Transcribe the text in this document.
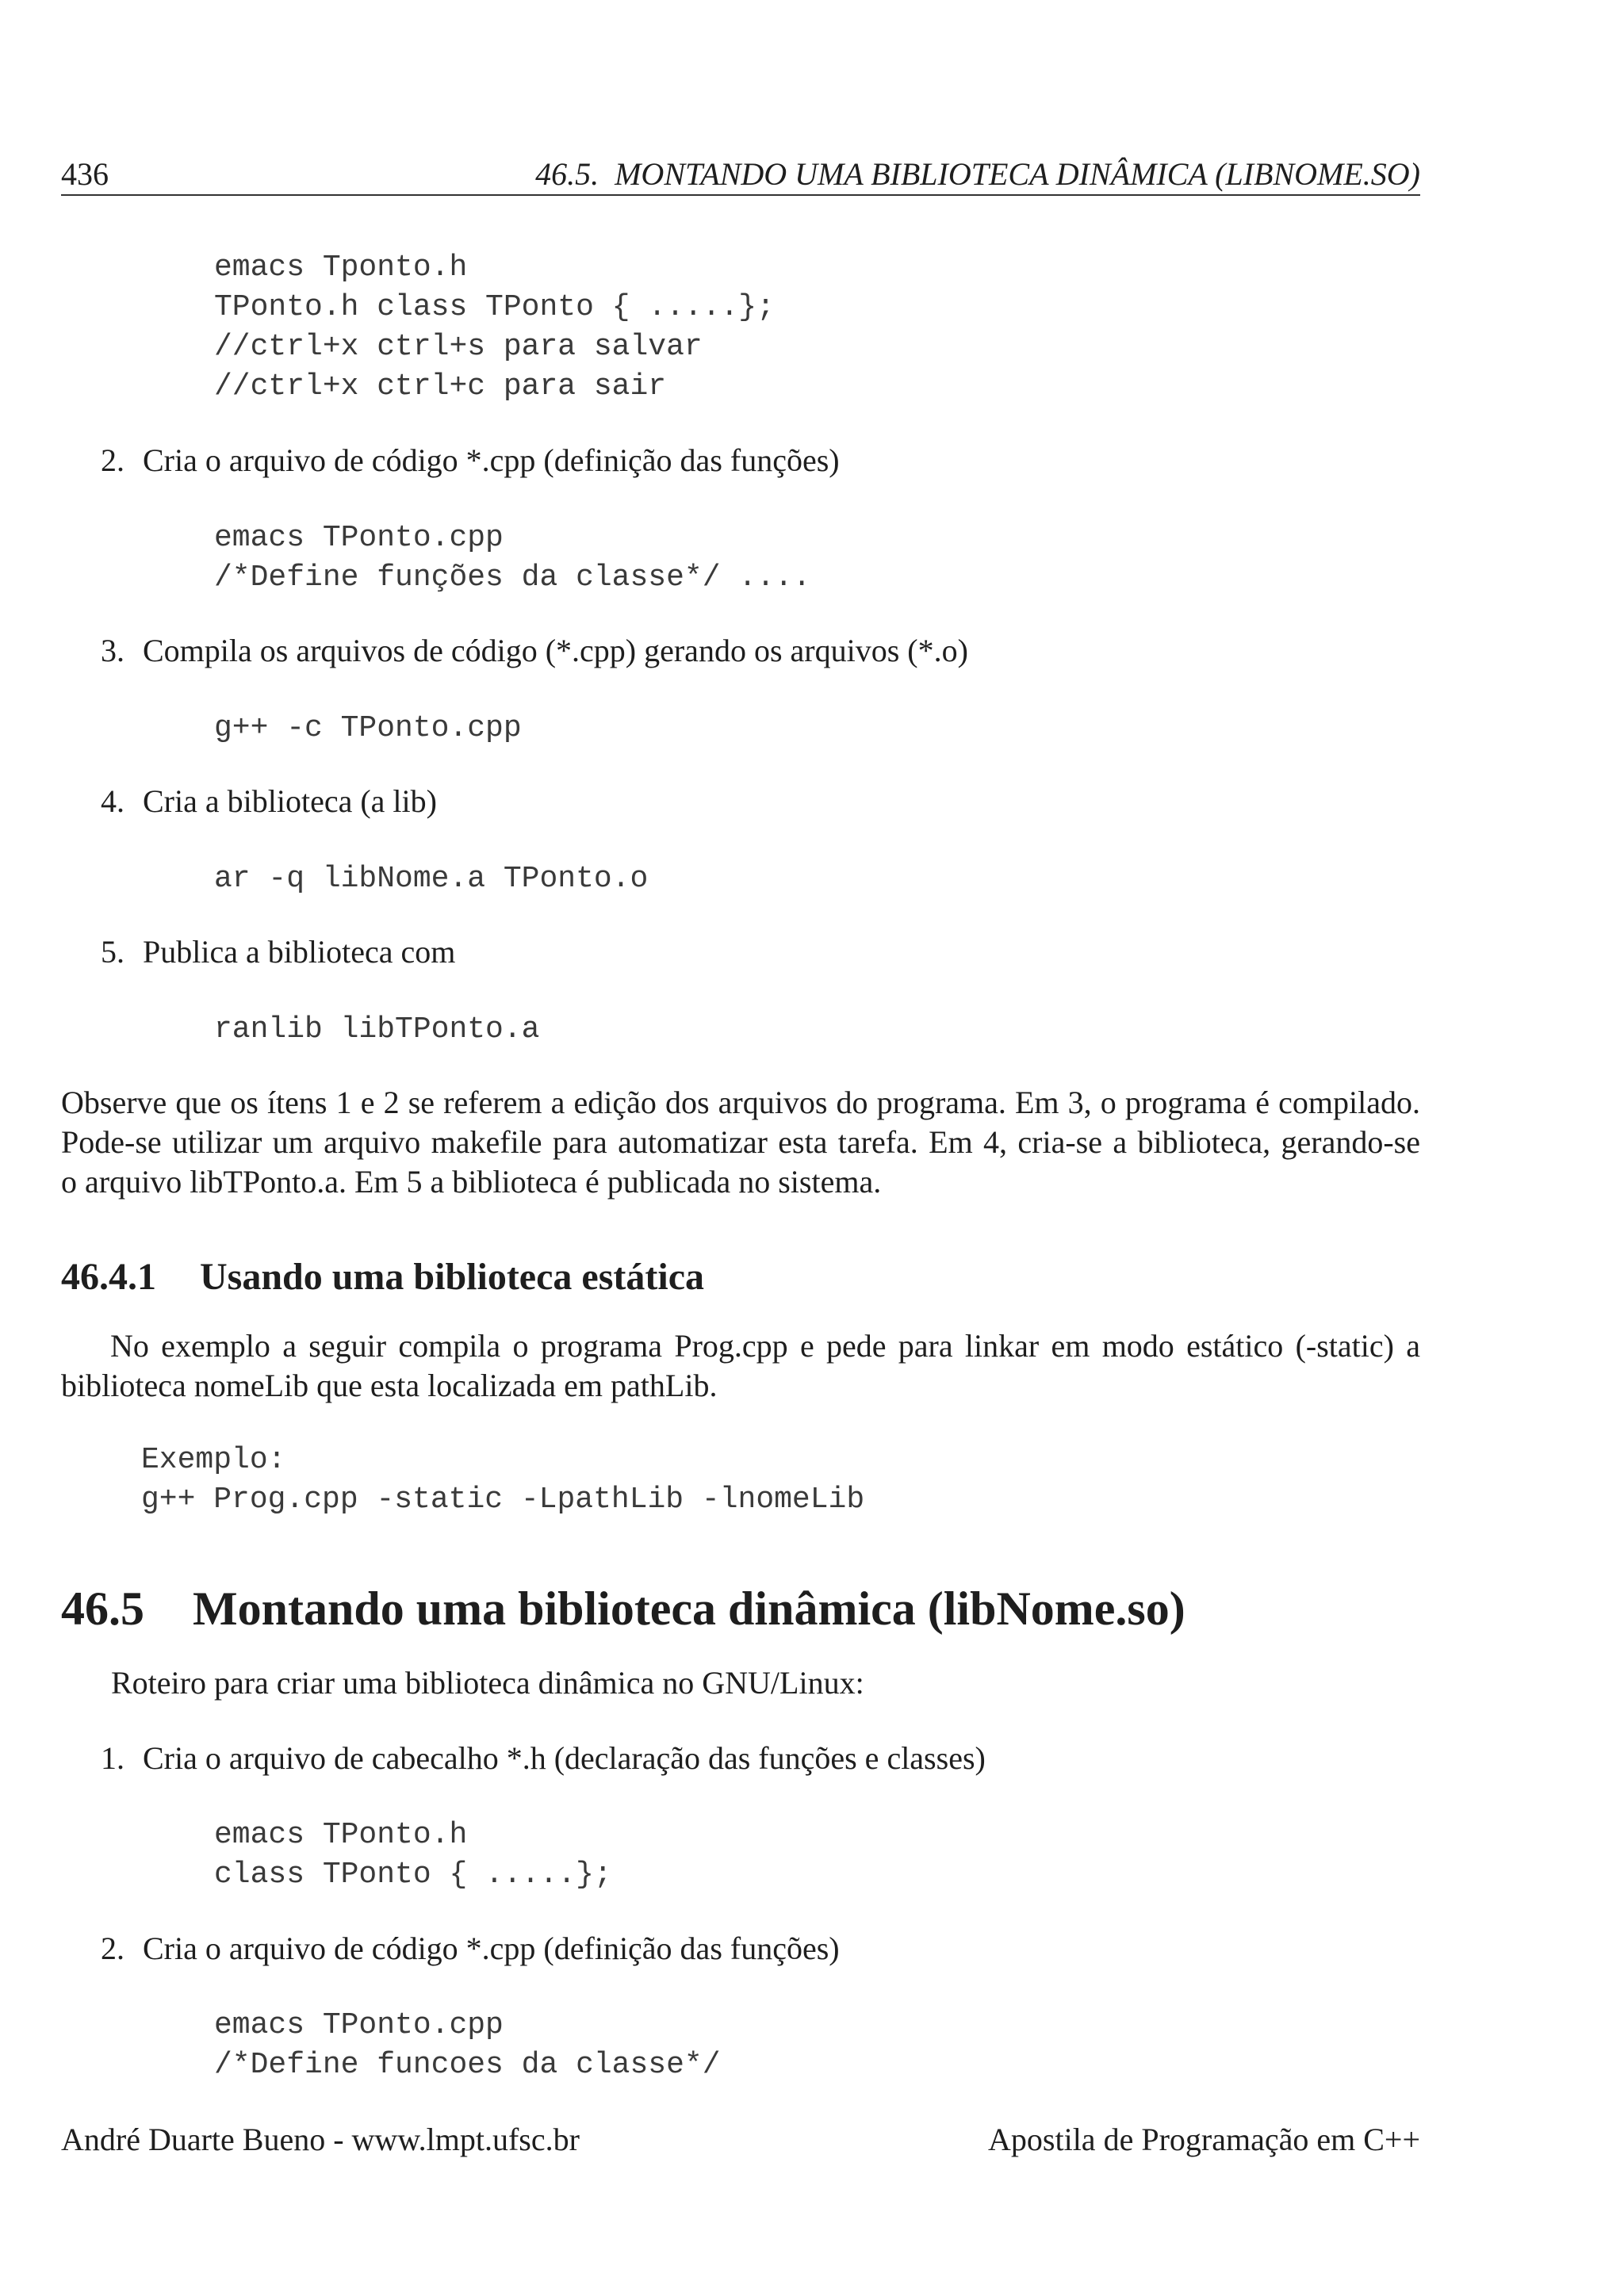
436	46.5.  MONTANDO UMA BIBLIOTECA DINÂMICA (LIBNOME.SO)
emacs Tponto.h
TPonto.h class TPonto { .....};
//ctrl+x ctrl+s para salvar
//ctrl+x ctrl+c para sair
2. Cria o arquivo de código *.cpp (definição das funções)
emacs TPonto.cpp
/*Define funções da classe*/ ....
3. Compila os arquivos de código (*.cpp) gerando os arquivos (*.o)
g++ -c TPonto.cpp
4. Cria a biblioteca (a lib)
ar -q libNome.a TPonto.o
5. Publica a biblioteca com
ranlib libTPonto.a
Observe que os ítens 1 e 2 se referem a edição dos arquivos do programa. Em 3, o programa é compilado.
Pode-se utilizar um arquivo makefile para automatizar esta tarefa. Em 4, cria-se a biblioteca, gerando-se
o arquivo libTPonto.a. Em 5 a biblioteca é publicada no sistema.
46.4.1 Usando uma biblioteca estática
No exemplo a seguir compila o programa Prog.cpp e pede para linkar em modo estático (-static) a
biblioteca nomeLib que esta localizada em pathLib.
Exemplo:
g++ Prog.cpp -static -LpathLib -lnomeLib
46.5 Montando uma biblioteca dinâmica (libNome.so)
Roteiro para criar uma biblioteca dinâmica no GNU/Linux:
1. Cria o arquivo de cabecalho *.h (declaração das funções e classes)
emacs TPonto.h
class TPonto { .....};
2. Cria o arquivo de código *.cpp (definição das funções)
emacs TPonto.cpp
/*Define funcoes da classe*/
André Duarte Bueno - www.lmpt.ufsc.br	Apostila de Programação em C++
